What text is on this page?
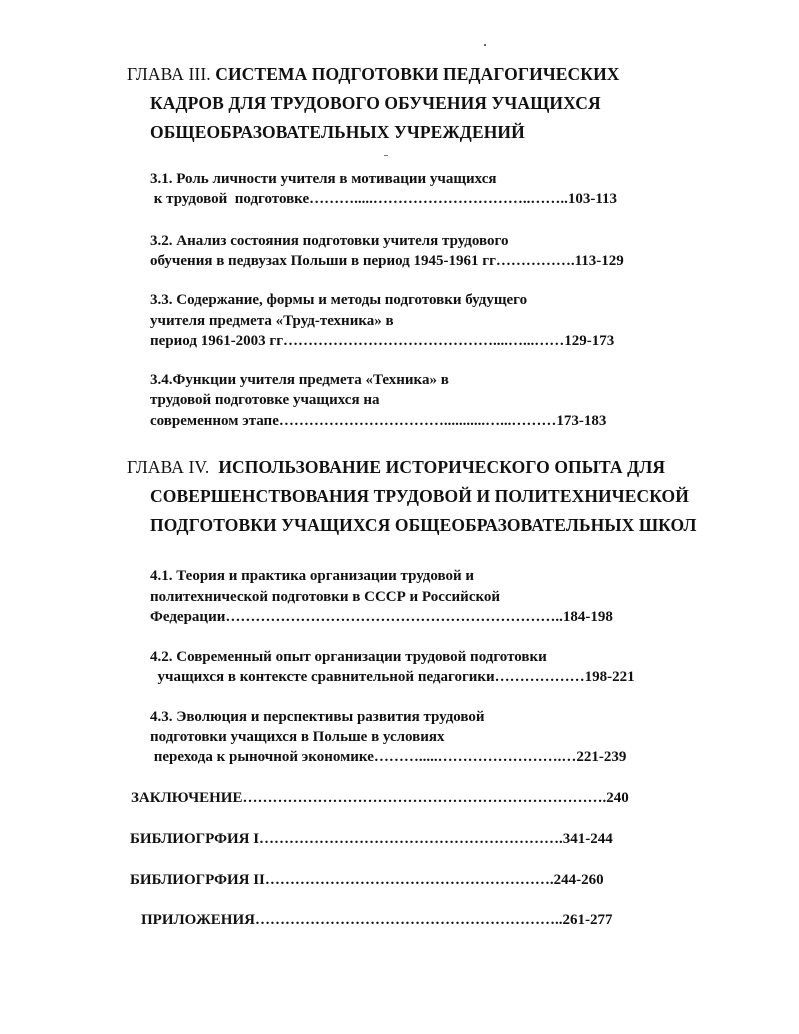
ГЛАВА III. СИСТЕМА ПОДГОТОВКИ ПЕДАГОГИЧЕСКИХ
КАДРОВ ДЛЯ ТРУДОВОГО ОБУЧЕНИЯ УЧАЩИХСЯ
ОБЩЕОБРАЗОВАТЕЛЬНЫХ УЧРЕЖДЕНИЙ
3.1. Роль личности учителя в мотивации учащихся
к трудовой  подготовке……….....…………………………..……..103-113
3.2. Анализ состояния подготовки учителя трудового
обучения в педвузах Польши в период 1945-1961 гг…………….113-129
3.3. Содержание, формы и методы подготовки будущего
учителя предмета «Труд-техника» в
период 1961-2003 гг……………………………………....…...……129-173
3.4.Функции учителя предмета «Техника» в
трудовой подготовке учащихся на
современном этапе……………………………...........…...………173-183
ГЛАВА IV. ИСПОЛЬЗОВАНИЕ ИСТОРИЧЕСКОГО ОПЫТА ДЛЯ
СОВЕРШЕНСТВОВАНИЯ ТРУДОВОЙ И ПОЛИТЕХНИЧЕСКОЙ
ПОДГОТОВКИ УЧАЩИХСЯ ОБЩЕОБРАЗОВАТЕЛЬНЫХ ШКОЛ
4.1. Теория и практика организации трудовой и
политехнической подготовки в СССР и Российской
Федерации…………………………………………………………..184-198
4.2. Современный опыт организации трудовой подготовки
учащихся в контексте сравнительной педагогики………………198-221
4.3. Эволюция и перспективы развития трудовой
подготовки учащихся в Польше в условиях
перехода к рыночной экономике……….....…………………….…221-239
ЗАКЛЮЧЕНИЕ……………………………………………………………….240
БИБЛИОГРФИЯ I…………………………………………………….341-244
БИБЛИОГРФИЯ II………………………………………………….244-260
ПРИЛОЖЕНИЯ……………………………………………………..261-277
